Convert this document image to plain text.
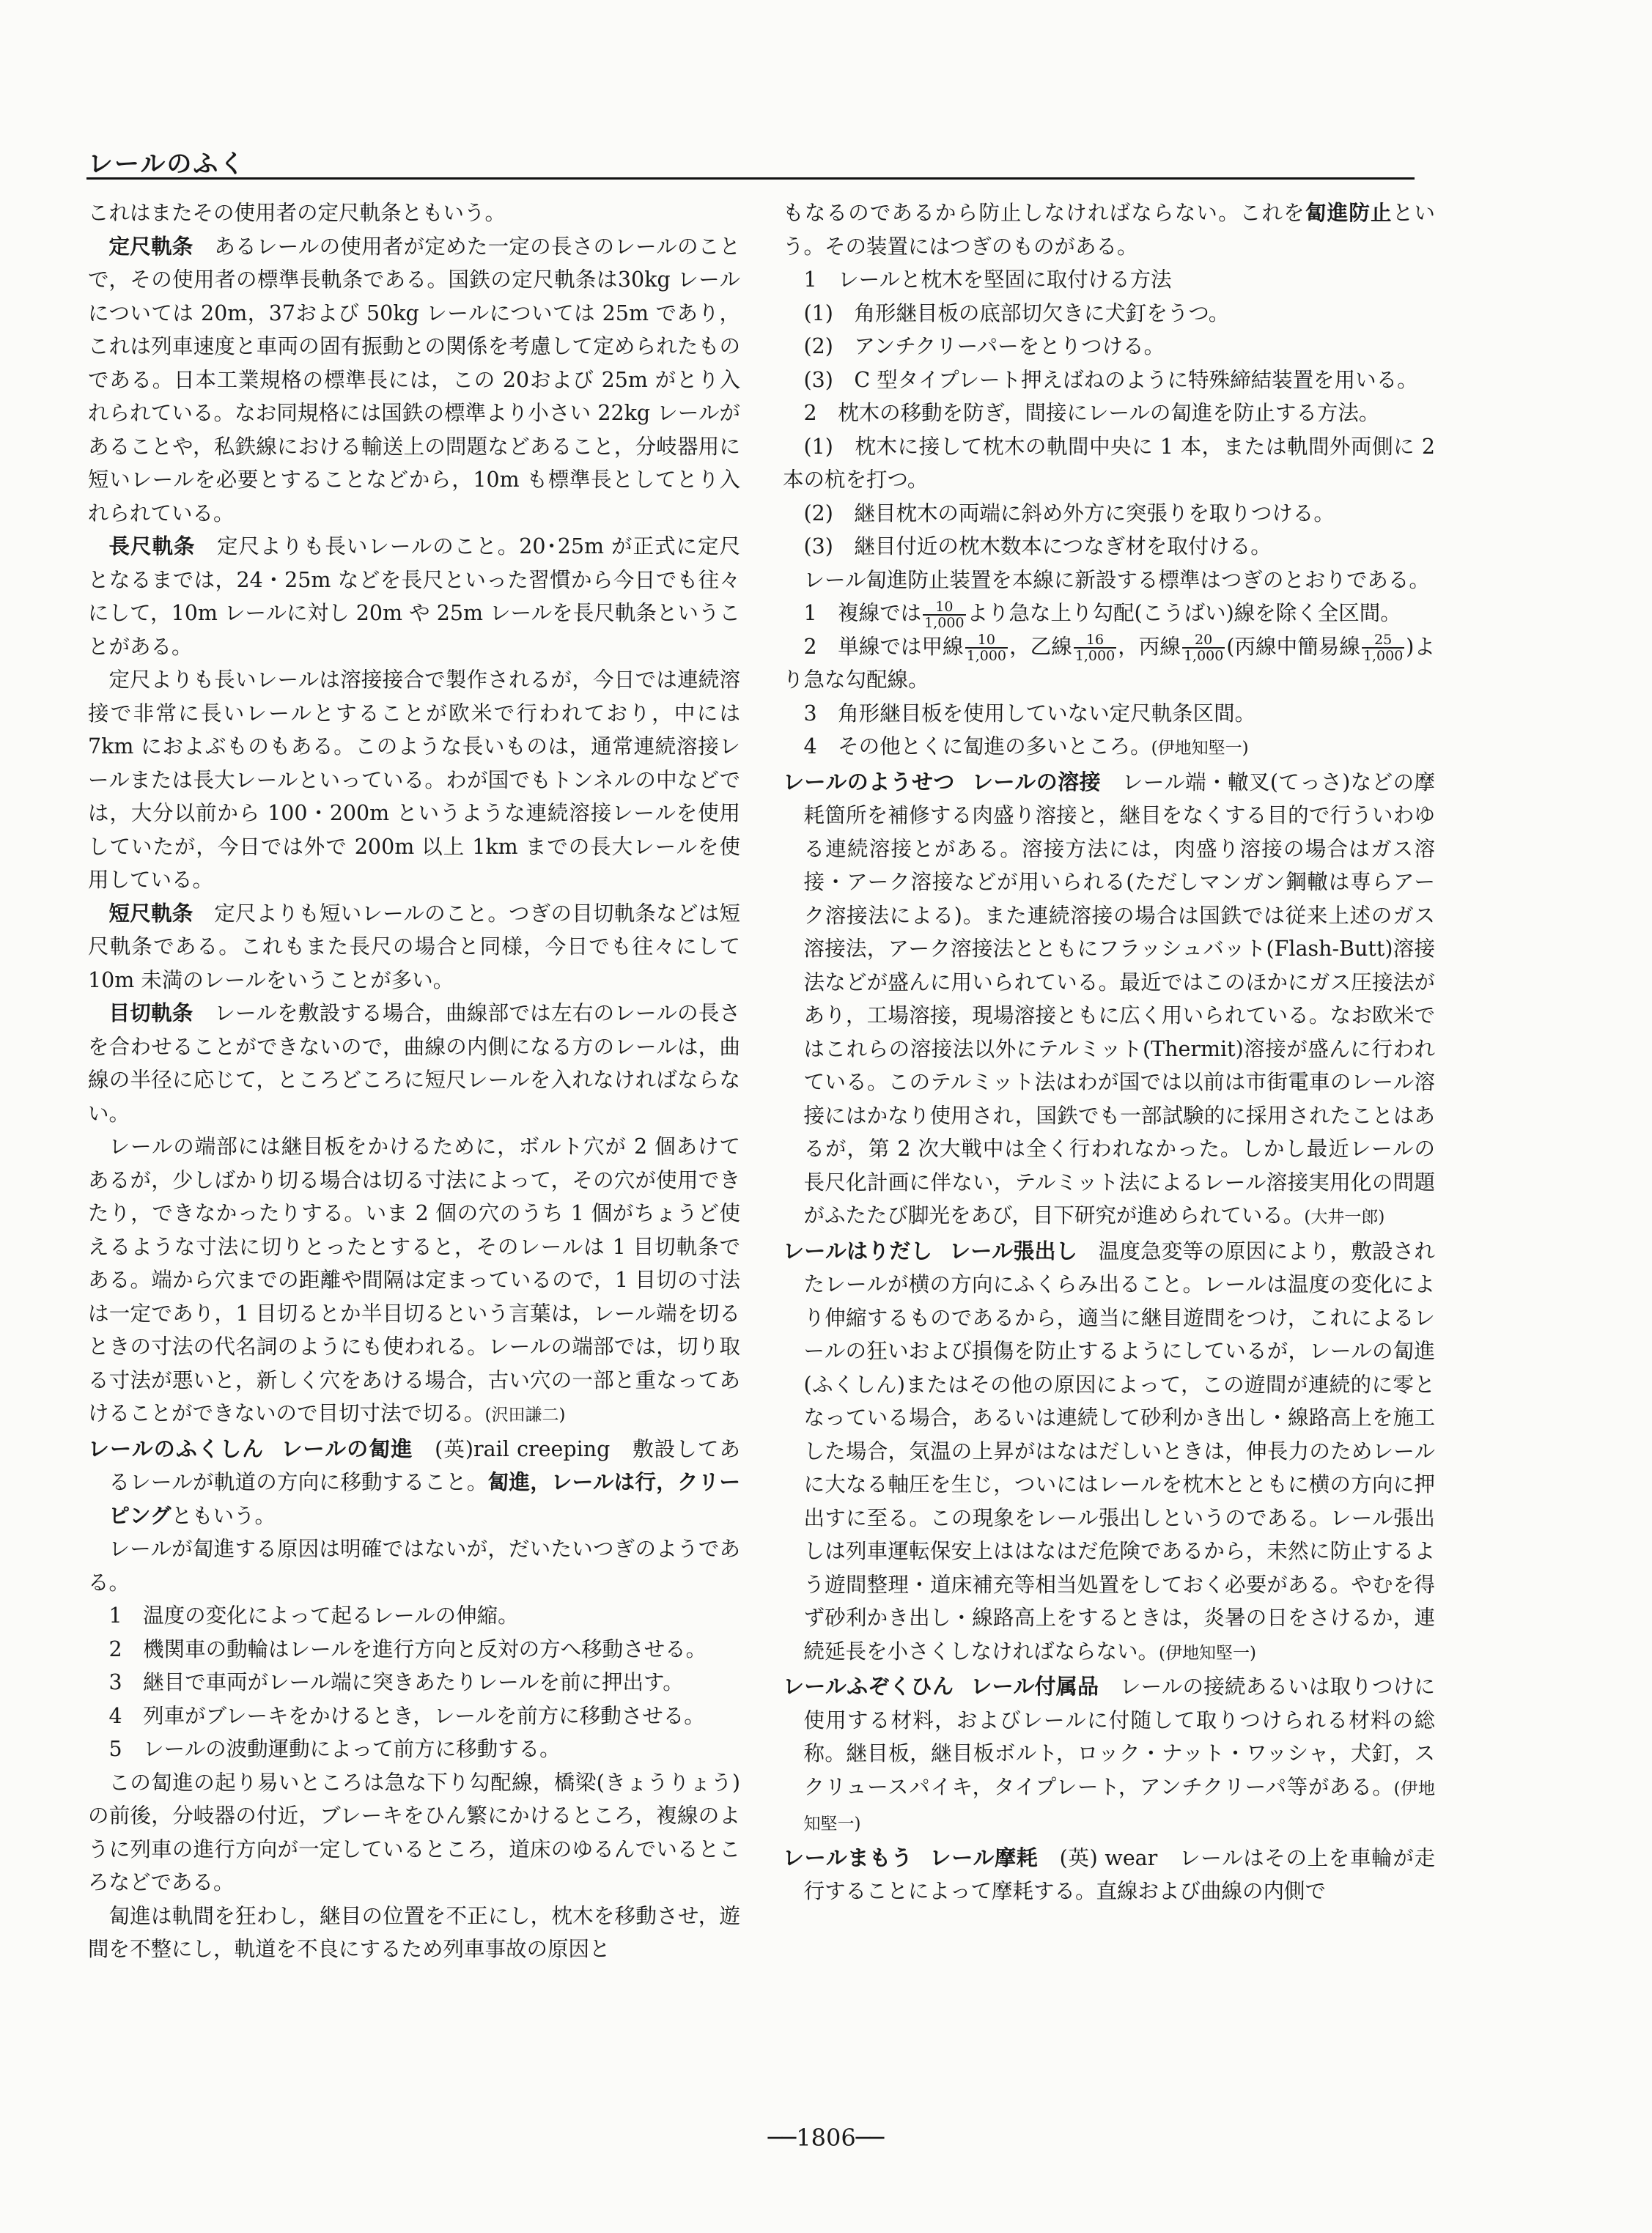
レールのふく

これはまたその使用者の定尺軌条ともいう。

定尺軌条　 あるレールの使用者が定めた一定の長さのレールのことで，その使用者の標準長軌条である。国鉄の定尺軌条は30kg レールについては 20m，37および 50kg レールについては 25m であり，これは列車速度と車両の固有振動との関係を考慮して定められたものである。日本工業規格の標準長には，この 20および 25m がとり入れられている。なお同規格には国鉄の標準より小さい 22kg レールがあることや，私鉄線における輸送上の問題などあること，分岐器用に短いレールを必要とすることなどから，10m も標準長としてとり入れられている。

長尺軌条　 定尺よりも長いレールのこと。20･25m が正式に定尺となるまでは，24・25m などを長尺といった習慣から今日でも往々にして，10m レールに対し 20m や 25m レールを長尺軌条ということがある。

定尺よりも長いレールは溶接接合で製作されるが，今日では連続溶接で非常に長いレールとすることが欧米で行われており，中には 7km におよぶものもある。このような長いものは，通常連続溶接レールまたは長大レールといっている。わが国でもトンネルの中などでは，大分以前から 100・200m というような連続溶接レールを使用していたが，今日では外で 200m 以上 1km までの長大レールを使用している。

短尺軌条　 定尺よりも短いレールのこと。つぎの目切軌条などは短尺軌条である。これもまた長尺の場合と同様，今日でも往々にして 10m 未満のレールをいうことが多い。

目切軌条　 レールを敷設する場合，曲線部では左右のレールの長さを合わせることができないので，曲線の内側になる方のレールは，曲線の半径に応じて，ところどころに短尺レールを入れなければならない。

レールの端部には継目板をかけるために，ボルト穴が 2 個あけてあるが，少しばかり切る場合は切る寸法によって，その穴が使用できたり，できなかったりする。いま 2 個の穴のうち 1 個がちょうど使えるような寸法に切りとったとすると，そのレールは 1 目切軌条である。端から穴までの距離や間隔は定まっているので，1 目切の寸法は一定であり，1 目切るとか半目切るという言葉は，レール端を切るときの寸法の代名詞のようにも使われる。レールの端部では，切り取る寸法が悪いと，新しく穴をあける場合，古い穴の一部と重なってあけることができないので目切寸法で切る。(沢田謙二)

レールのふくしん レールの匐進　 (英)rail creeping　 敷設してあるレールが軌道の方向に移動すること。匐進，レールは行，クリーピングともいう。

レールが匐進する原因は明確ではないが，だいたいつぎのようである。

1　温度の変化によって起るレールの伸縮。

2　機関車の動輪はレールを進行方向と反対の方へ移動させる。

3　継目で車両がレール端に突きあたりレールを前に押出す。

4　列車がブレーキをかけるとき，レールを前方に移動させる。

5　レールの波動運動によって前方に移動する。

この匐進の起り易いところは急な下り勾配線，橋梁(きょうりょう)の前後，分岐器の付近，ブレーキをひん繁にかけるところ，複線のように列車の進行方向が一定しているところ，道床のゆるんでいるところなどである。

匐進は軌間を狂わし，継目の位置を不正にし，枕木を移動させ，遊間を不整にし，軌道を不良にするため列車事故の原因と

もなるのであるから防止しなければならない。これを匐進防止という。その装置にはつぎのものがある。

1　レールと枕木を堅固に取付ける方法

(1)　角形継目板の底部切欠きに犬釘をうつ。

(2)　アンチクリーパーをとりつける。

(3)　C 型タイプレート押えばねのように特殊締結装置を用いる。

2　枕木の移動を防ぎ，間接にレールの匐進を防止する方法。

(1)　枕木に接して枕木の軌間中央に 1 本，または軌間外両側に 2 本の杭を打つ。

(2)　継目枕木の両端に斜め外方に突張りを取りつける。

(3)　継目付近の枕木数本につなぎ材を取付ける。

レール匐進防止装置を本線に新設する標準はつぎのとおりである。

1　複線では $\frac{10}{1,000}$ より急な上り勾配(こうばい)線を除く全区間。

2　単線では甲線 $\frac{10}{1,000}$ ，乙線 $\frac{16}{1,000}$ ，丙線 $\frac{20}{1,000}$ (丙線中簡易線 $\frac{25}{1,000}$ )より急な勾配線。

3　角形継目板を使用していない定尺軌条区間。

4　その他とくに匐進の多いところ。(伊地知堅一)

レールのようせつ レールの溶接　 レール端・轍叉(てっさ)などの摩耗箇所を補修する肉盛り溶接と，継目をなくする目的で行ういわゆる連続溶接とがある。溶接方法には，肉盛り溶接の場合はガス溶接・アーク溶接などが用いられる(ただしマンガン鋼轍は専らアーク溶接法による)。また連続溶接の場合は国鉄では従来上述のガス溶接法，アーク溶接法とともにフラッシュバット(Flash-Butt)溶接法などが盛んに用いられている。最近ではこのほかにガス圧接法があり，工場溶接，現場溶接ともに広く用いられている。なお欧米ではこれらの溶接法以外にテルミット(Thermit)溶接が盛んに行われている。このテルミット法はわが国では以前は市街電車のレール溶接にはかなり使用され，国鉄でも一部試験的に採用されたことはあるが，第 2 次大戦中は全く行われなかった。しかし最近レールの長尺化計画に伴ない，テルミット法によるレール溶接実用化の問題がふたたび脚光をあび，目下研究が進められている。(大井一郎)

レールはりだし レール張出し　 温度急変等の原因により，敷設されたレールが横の方向にふくらみ出ること。レールは温度の変化により伸縮するものであるから，適当に継目遊間をつけ，これによるレールの狂いおよび損傷を防止するようにしているが，レールの匐進(ふくしん)またはその他の原因によって，この遊間が連続的に零となっている場合，あるいは連続して砂利かき出し・線路高上を施工した場合，気温の上昇がはなはだしいときは，伸長力のためレールに大なる軸圧を生じ，ついにはレールを枕木とともに横の方向に押出すに至る。この現象をレール張出しというのである。レール張出しは列車運転保安上ははなはだ危険であるから，未然に防止するよう遊間整理・道床補充等相当処置をしておく必要がある。やむを得ず砂利かき出し・線路高上をするときは，炎暑の日をさけるか，連続延長を小さくしなければならない。(伊地知堅一)

レールふぞくひん レール付属品　 レールの接続あるいは取りつけに使用する材料，およびレールに付随して取りつけられる材料の総称。継目板，継目板ボルト，ロック・ナット・ワッシャ，犬釘，スクリュースパイキ，タイプレート，アンチクリーパ等がある。(伊地知堅一)

レールまもう レール摩耗　 (英) wear　 レールはその上を車輪が走行することによって摩耗する。直線および曲線の内側で

──1806──
